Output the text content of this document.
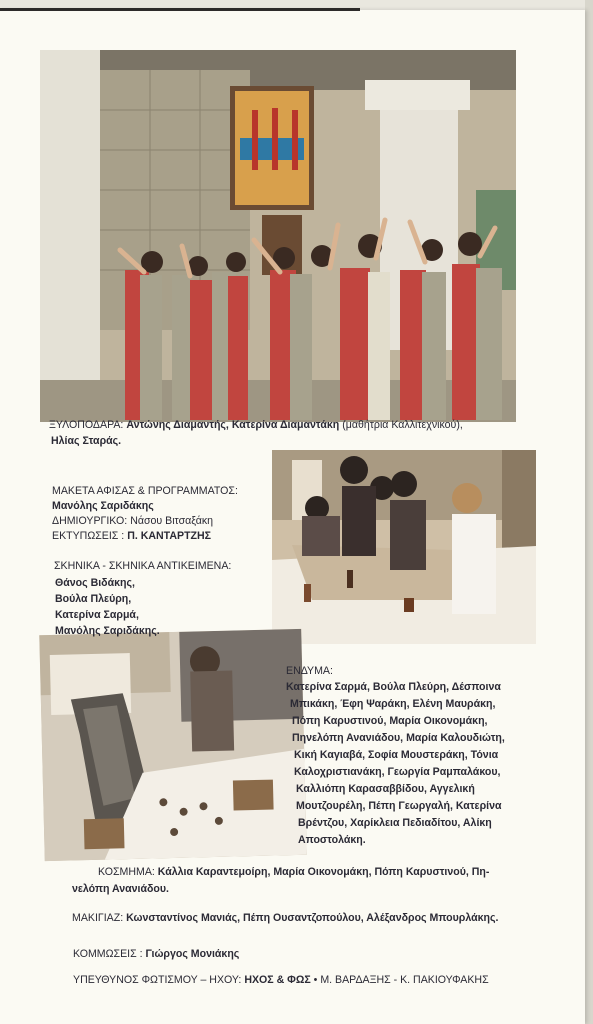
ΞΥΛΟΠΟΔΑΡΑ: Αντώνης Διαμαντής, Κατερίνα Διαμαντάκη (μαθήτρια Καλλιτεχνικού),
Ηλίας Σταράς.
ΜΑΚΕΤΑ ΑΦΙΣΑΣ & ΠΡΟΓΡΑΜΜΑΤΟΣ:
Μανόλης Σαριδάκης
ΔΗΜΙΟΥΡΓΙΚΟ: Νάσου Βιτσαξάκη
ΕΚΤΥΠΩΣΕΙΣ : Π. ΚΑΝΤΑΡΤΖΗΣ
ΣΚΗΝΙΚΑ - ΣΚΗΝΙΚΑ ΑΝΤΙΚΕΙΜΕΝΑ:
Θάνος Βιδάκης,
Βούλα Πλεύρη,
Κατερίνα Σαρμά,
Μανόλης Σαριδάκης.
ΕΝΔΥΜΑ:
Κατερίνα Σαρμά, Βούλα Πλεύρη, Δέσποινα
Μπικάκη, Έφη Ψαράκη, Ελένη Μαυράκη,
Πόπη Καρυστινού, Μαρία Οικονομάκη,
Πηνελόπη Ανανιάδου, Μαρία Καλουδιώτη,
Κική Καγιαβά, Σοφία Μουστεράκη, Τόνια
Καλοχριστιανάκη, Γεωργία Ραμπαλάκου,
Καλλιόπη Καρασαββίδου, Αγγελική
Μουτζουρέλη, Πέπη Γεωργαλή, Κατερίνα
Βρέντζου, Χαρίκλεια Πεδιαδίτου, Αλίκη
Αποστολάκη.
ΚΟΣΜΗΜΑ: Κάλλια Καραντεμοίρη, Μαρία Οικονομάκη, Πόπη Καρυστινού, Πη-
νελόπη Ανανιάδου.
ΜΑΚΙΓΙΑΖ: Κωνσταντίνος Μανιάς, Πέπη Ουσαντζοπούλου, Αλέξανδρος Μπουρλάκης.
ΚΟΜΜΩΣΕΙΣ : Γιώργος Μονιάκης
ΥΠΕΥΘΥΝΟΣ ΦΩΤΙΣΜΟΥ – ΗΧΟΥ: ΗΧΟΣ & ΦΩΣ • Μ. ΒΑΡΔΑΞΗΣ - Κ. ΠΑΚΙΟΥΦΑΚΗΣ
